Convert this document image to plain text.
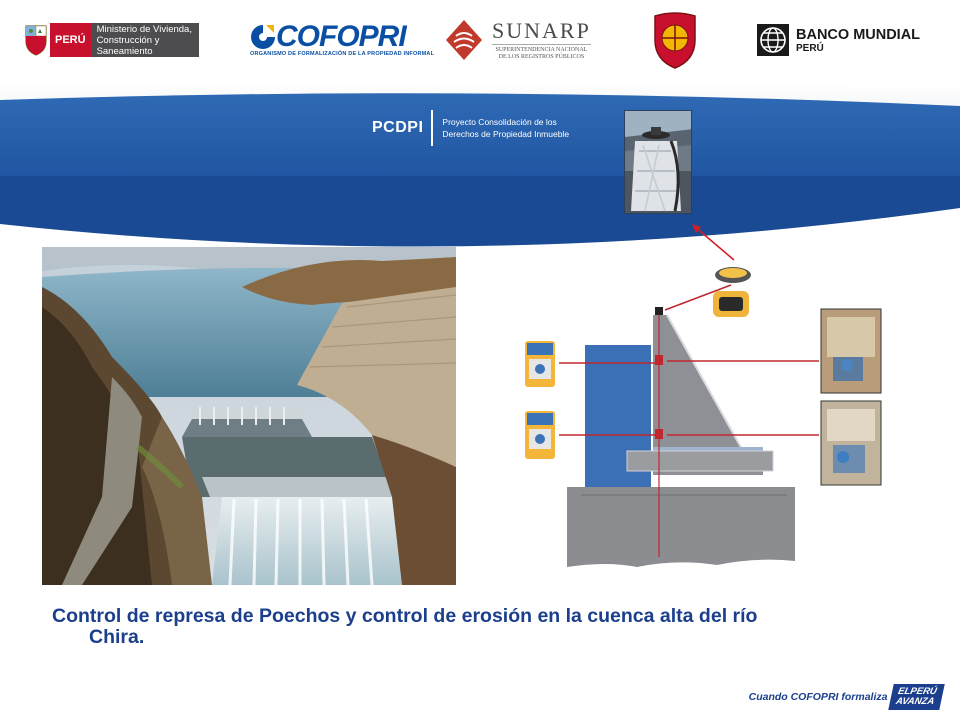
PERÚ
Ministerio de Vivienda, Construcción y Saneamiento	COFOPRI
ORGANISMO DE FORMALIZACIÓN DE LA PROPIEDAD INFORMAL
SUNARP
SUPERINTENDENCIA NACIONAL
DE LOS REGISTROS PÚBLICOS
BANCO MUNDIAL
PERÚ
PCDPI	Proyecto Consolidación de los Derechos de Propiedad Inmueble
Control de represa de Poechos y control de erosión en la cuenca alta del río
Chira.
Cuando COFOPRI formaliza ELPERÚ
AVANZA
